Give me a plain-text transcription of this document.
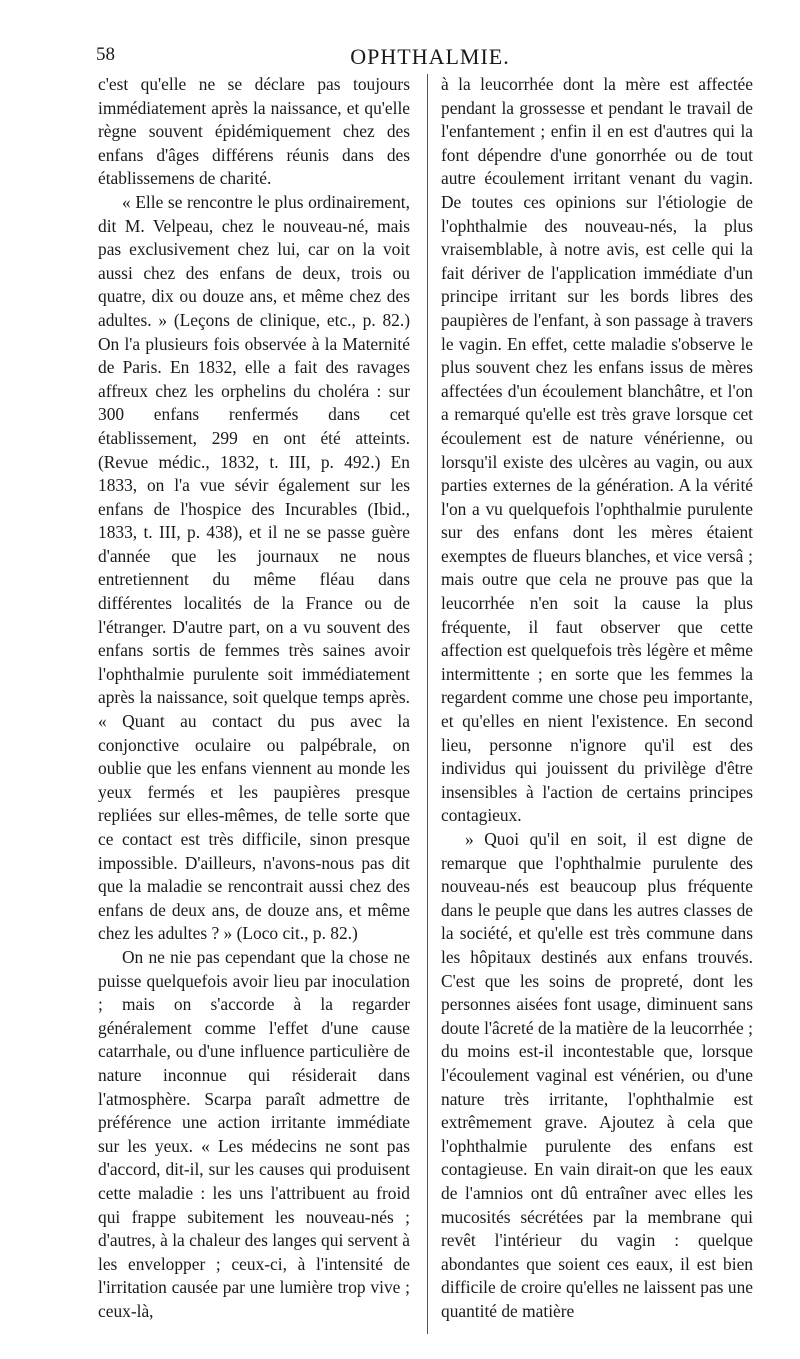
58	OPHTHALMIE.

c'est qu'elle ne se déclare pas toujours immédiatement après la naissance, et qu'elle règne souvent épidémiquement chez des enfans d'âges différens réunis dans des établissemens de charité.

« Elle se rencontre le plus ordinairement, dit M. Velpeau, chez le nouveau-né, mais pas exclusivement chez lui, car on la voit aussi chez des enfans de deux, trois ou quatre, dix ou douze ans, et même chez des adultes. » (Leçons de clinique, etc., p. 82.) On l'a plusieurs fois observée à la Maternité de Paris. En 1832, elle a fait des ravages affreux chez les orphelins du choléra : sur 300 enfans renfermés dans cet établissement, 299 en ont été atteints. (Revue médic., 1832, t. III, p. 492.) En 1833, on l'a vue sévir également sur les enfans de l'hospice des Incurables (Ibid., 1833, t. III, p. 438), et il ne se passe guère d'année que les journaux ne nous entretiennent du même fléau dans différentes localités de la France ou de l'étranger. D'autre part, on a vu souvent des enfans sortis de femmes très saines avoir l'ophthalmie purulente soit immédiatement après la naissance, soit quelque temps après. « Quant au contact du pus avec la conjonctive oculaire ou palpébrale, on oublie que les enfans viennent au monde les yeux fermés et les paupières presque repliées sur elles-mêmes, de telle sorte que ce contact est très difficile, sinon presque impossible. D'ailleurs, n'avons-nous pas dit que la maladie se rencontrait aussi chez des enfans de deux ans, de douze ans, et même chez les adultes ? » (Loco cit., p. 82.)

On ne nie pas cependant que la chose ne puisse quelquefois avoir lieu par inoculation ; mais on s'accorde à la regarder généralement comme l'effet d'une cause catarrhale, ou d'une influence particulière de nature inconnue qui résiderait dans l'atmosphère. Scarpa paraît admettre de préférence une action irritante immédiate sur les yeux. « Les médecins ne sont pas d'accord, dit-il, sur les causes qui produisent cette maladie : les uns l'attribuent au froid qui frappe subitement les nouveau-nés ; d'autres, à la chaleur des langes qui servent à les envelopper ; ceux-ci, à l'intensité de l'irritation causée par une lumière trop vive ; ceux-là,

à la leucorrhée dont la mère est affectée pendant la grossesse et pendant le travail de l'enfantement ; enfin il en est d'autres qui la font dépendre d'une gonorrhée ou de tout autre écoulement irritant venant du vagin. De toutes ces opinions sur l'étiologie de l'ophthalmie des nouveau-nés, la plus vraisemblable, à notre avis, est celle qui la fait dériver de l'application immédiate d'un principe irritant sur les bords libres des paupières de l'enfant, à son passage à travers le vagin. En effet, cette maladie s'observe le plus souvent chez les enfans issus de mères affectées d'un écoulement blanchâtre, et l'on a remarqué qu'elle est très grave lorsque cet écoulement est de nature vénérienne, ou lorsqu'il existe des ulcères au vagin, ou aux parties externes de la génération. A la vérité l'on a vu quelquefois l'ophthalmie purulente sur des enfans dont les mères étaient exemptes de flueurs blanches, et vice versâ ; mais outre que cela ne prouve pas que la leucorrhée n'en soit la cause la plus fréquente, il faut observer que cette affection est quelquefois très légère et même intermittente ; en sorte que les femmes la regardent comme une chose peu importante, et qu'elles en nient l'existence. En second lieu, personne n'ignore qu'il est des individus qui jouissent du privilège d'être insensibles à l'action de certains principes contagieux.

» Quoi qu'il en soit, il est digne de remarque que l'ophthalmie purulente des nouveau-nés est beaucoup plus fréquente dans le peuple que dans les autres classes de la société, et qu'elle est très commune dans les hôpitaux destinés aux enfans trouvés. C'est que les soins de propreté, dont les personnes aisées font usage, diminuent sans doute l'âcreté de la matière de la leucorrhée ; du moins est-il incontestable que, lorsque l'écoulement vaginal est vénérien, ou d'une nature très irritante, l'ophthalmie est extrêmement grave. Ajoutez à cela que l'ophthalmie purulente des enfans est contagieuse. En vain dirait-on que les eaux de l'amnios ont dû entraîner avec elles les mucosités sécrétées par la membrane qui revêt l'intérieur du vagin : quelque abondantes que soient ces eaux, il est bien difficile de croire qu'elles ne laissent pas une quantité de matière
